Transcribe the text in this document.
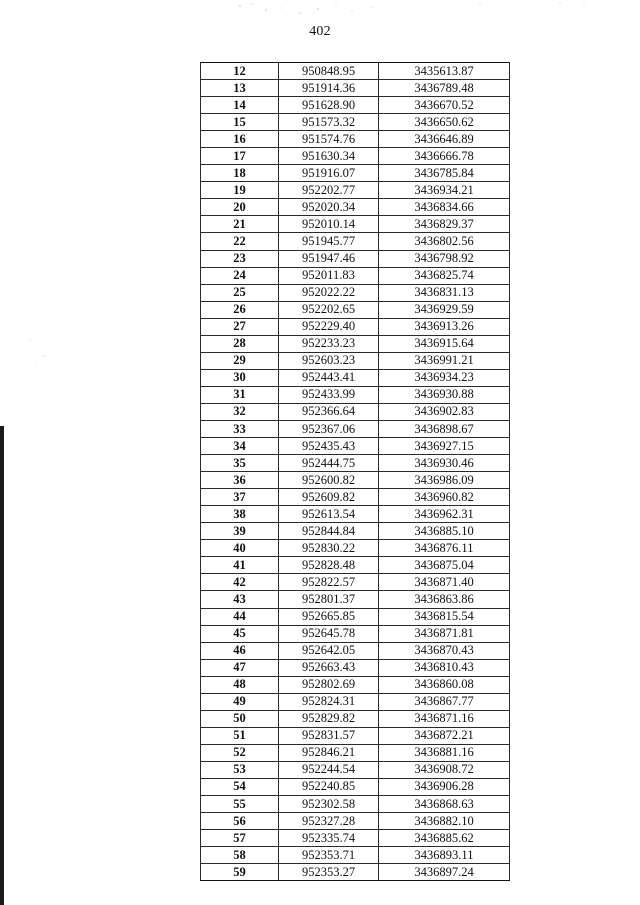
402
12	950848.95	3435613.87
13	951914.36	3436789.48
14	951628.90	3436670.52
15	951573.32	3436650.62
16	951574.76	3436646.89
17	951630.34	3436666.78
18	951916.07	3436785.84
19	952202.77	3436934.21
20	952020.34	3436834.66
21	952010.14	3436829.37
22	951945.77	3436802.56
23	951947.46	3436798.92
24	952011.83	3436825.74
25	952022.22	3436831.13
26	952202.65	3436929.59
27	952229.40	3436913.26
28	952233.23	3436915.64
29	952603.23	3436991.21
30	952443.41	3436934.23
31	952433.99	3436930.88
32	952366.64	3436902.83
33	952367.06	3436898.67
34	952435.43	3436927.15
35	952444.75	3436930.46
36	952600.82	3436986.09
37	952609.82	3436960.82
38	952613.54	3436962.31
39	952844.84	3436885.10
40	952830.22	3436876.11
41	952828.48	3436875.04
42	952822.57	3436871.40
43	952801.37	3436863.86
44	952665.85	3436815.54
45	952645.78	3436871.81
46	952642.05	3436870.43
47	952663.43	3436810.43
48	952802.69	3436860.08
49	952824.31	3436867.77
50	952829.82	3436871.16
51	952831.57	3436872.21
52	952846.21	3436881.16
53	952244.54	3436908.72
54	952240.85	3436906.28
55	952302.58	3436868.63
56	952327.28	3436882.10
57	952335.74	3436885.62
58	952353.71	3436893.11
59	952353.27	3436897.24
